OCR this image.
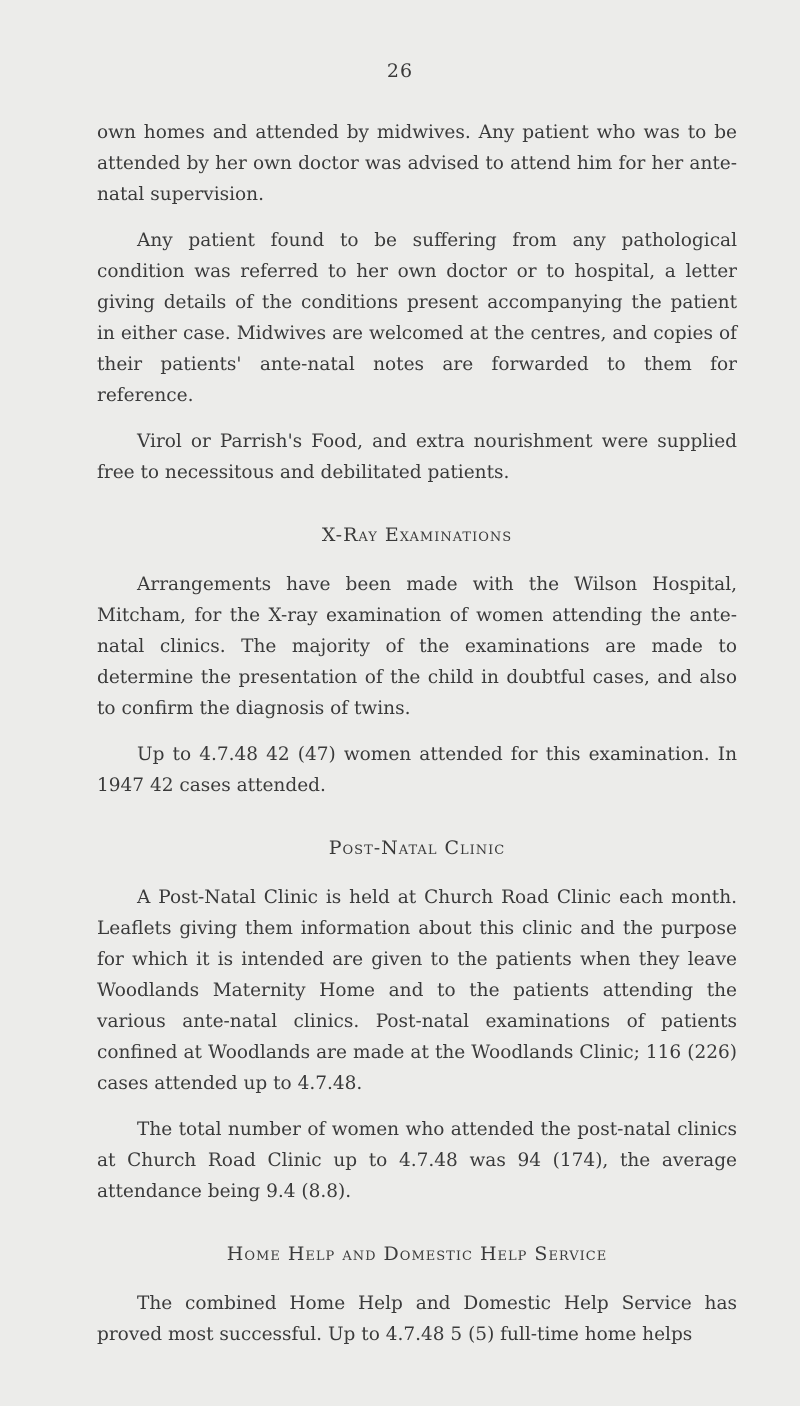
26

own homes and attended by midwives. Any patient who was to be attended by her own doctor was advised to attend him for her ante-natal supervision.

Any patient found to be suffering from any pathological condition was referred to her own doctor or to hospital, a letter giving details of the conditions present accompanying the patient in either case. Midwives are welcomed at the centres, and copies of their patients' ante-natal notes are forwarded to them for reference.

Virol or Parrish's Food, and extra nourishment were supplied free to necessitous and debilitated patients.

X-Ray Examinations

Arrangements have been made with the Wilson Hospital, Mitcham, for the X-ray examination of women attending the ante-natal clinics. The majority of the examinations are made to determine the presentation of the child in doubtful cases, and also to confirm the diagnosis of twins.

Up to 4.7.48 42 (47) women attended for this examination. In 1947 42 cases attended.

Post-Natal Clinic

A Post-Natal Clinic is held at Church Road Clinic each month. Leaflets giving them information about this clinic and the purpose for which it is intended are given to the patients when they leave Woodlands Maternity Home and to the patients attending the various ante-natal clinics. Post-natal examinations of patients confined at Woodlands are made at the Woodlands Clinic; 116 (226) cases attended up to 4.7.48.

The total number of women who attended the post-natal clinics at Church Road Clinic up to 4.7.48 was 94 (174), the average attendance being 9.4 (8.8).

Home Help and Domestic Help Service

The combined Home Help and Domestic Help Service has proved most successful. Up to 4.7.48 5 (5) full-time home helps
